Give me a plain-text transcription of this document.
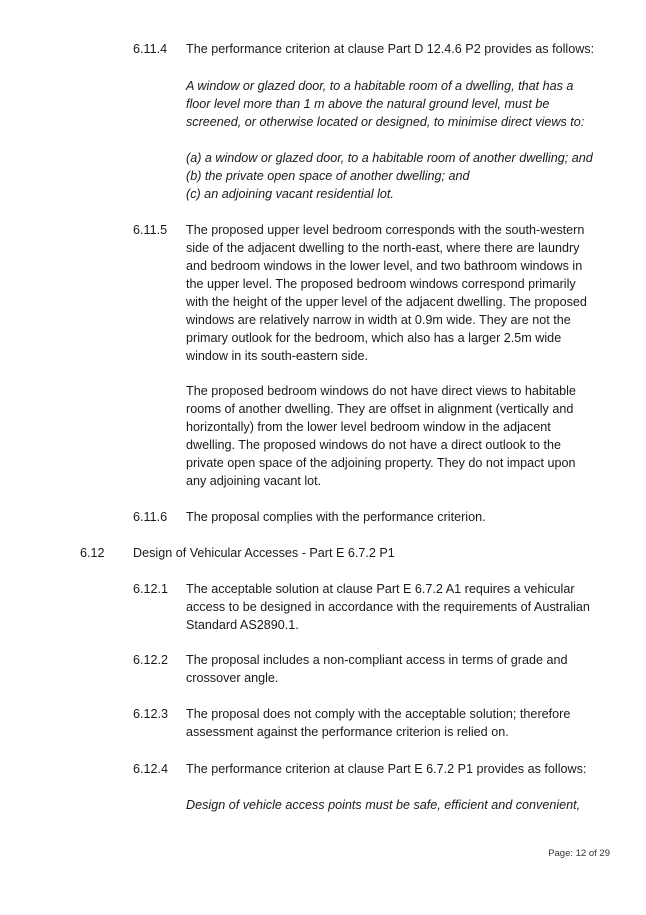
6.11.4	The performance criterion at clause Part D 12.4.6 P2 provides as follows:

A window or glazed door, to a habitable room of a dwelling, that has a

floor level more than 1 m above the natural ground level, must be

screened, or otherwise located or designed, to minimise direct views to:

(a) a window or glazed door, to a habitable room of another dwelling; and

(b) the private open space of another dwelling; and

(c) an adjoining vacant residential lot.

6.11.5	The proposed upper level bedroom corresponds with the south-western

side of the adjacent dwelling to the north-east, where there are laundry

and bedroom windows in the lower level, and two bathroom windows in

the upper level. The proposed bedroom windows correspond primarily

with the height of the upper level of the adjacent dwelling. The proposed

windows are relatively narrow in width at 0.9m wide. They are not the

primary outlook for the bedroom, which also has a larger 2.5m wide

window in its south-eastern side.

The proposed bedroom windows do not have direct views to habitable

rooms of another dwelling. They are offset in alignment (vertically and

horizontally) from the lower level bedroom window in the adjacent

dwelling. The proposed windows do not have a direct outlook to the

private open space of the adjoining property. They do not impact upon

any adjoining vacant lot.

6.11.6	The proposal complies with the performance criterion.
6.12	Design of Vehicular Accesses - Part E 6.7.2 P1
6.12.1	The acceptable solution at clause Part E 6.7.2 A1 requires a vehicular

access to be designed in accordance with the requirements of Australian

Standard AS2890.1.

6.12.2	The proposal includes a non-compliant access in terms of grade and

crossover angle.

6.12.3	The proposal does not comply with the acceptable solution; therefore

assessment against the performance criterion is relied on.

6.12.4	The performance criterion at clause Part E 6.7.2 P1 provides as follows:

Design of vehicle access points must be safe, efficient and convenient,

Page: 12 of 29
